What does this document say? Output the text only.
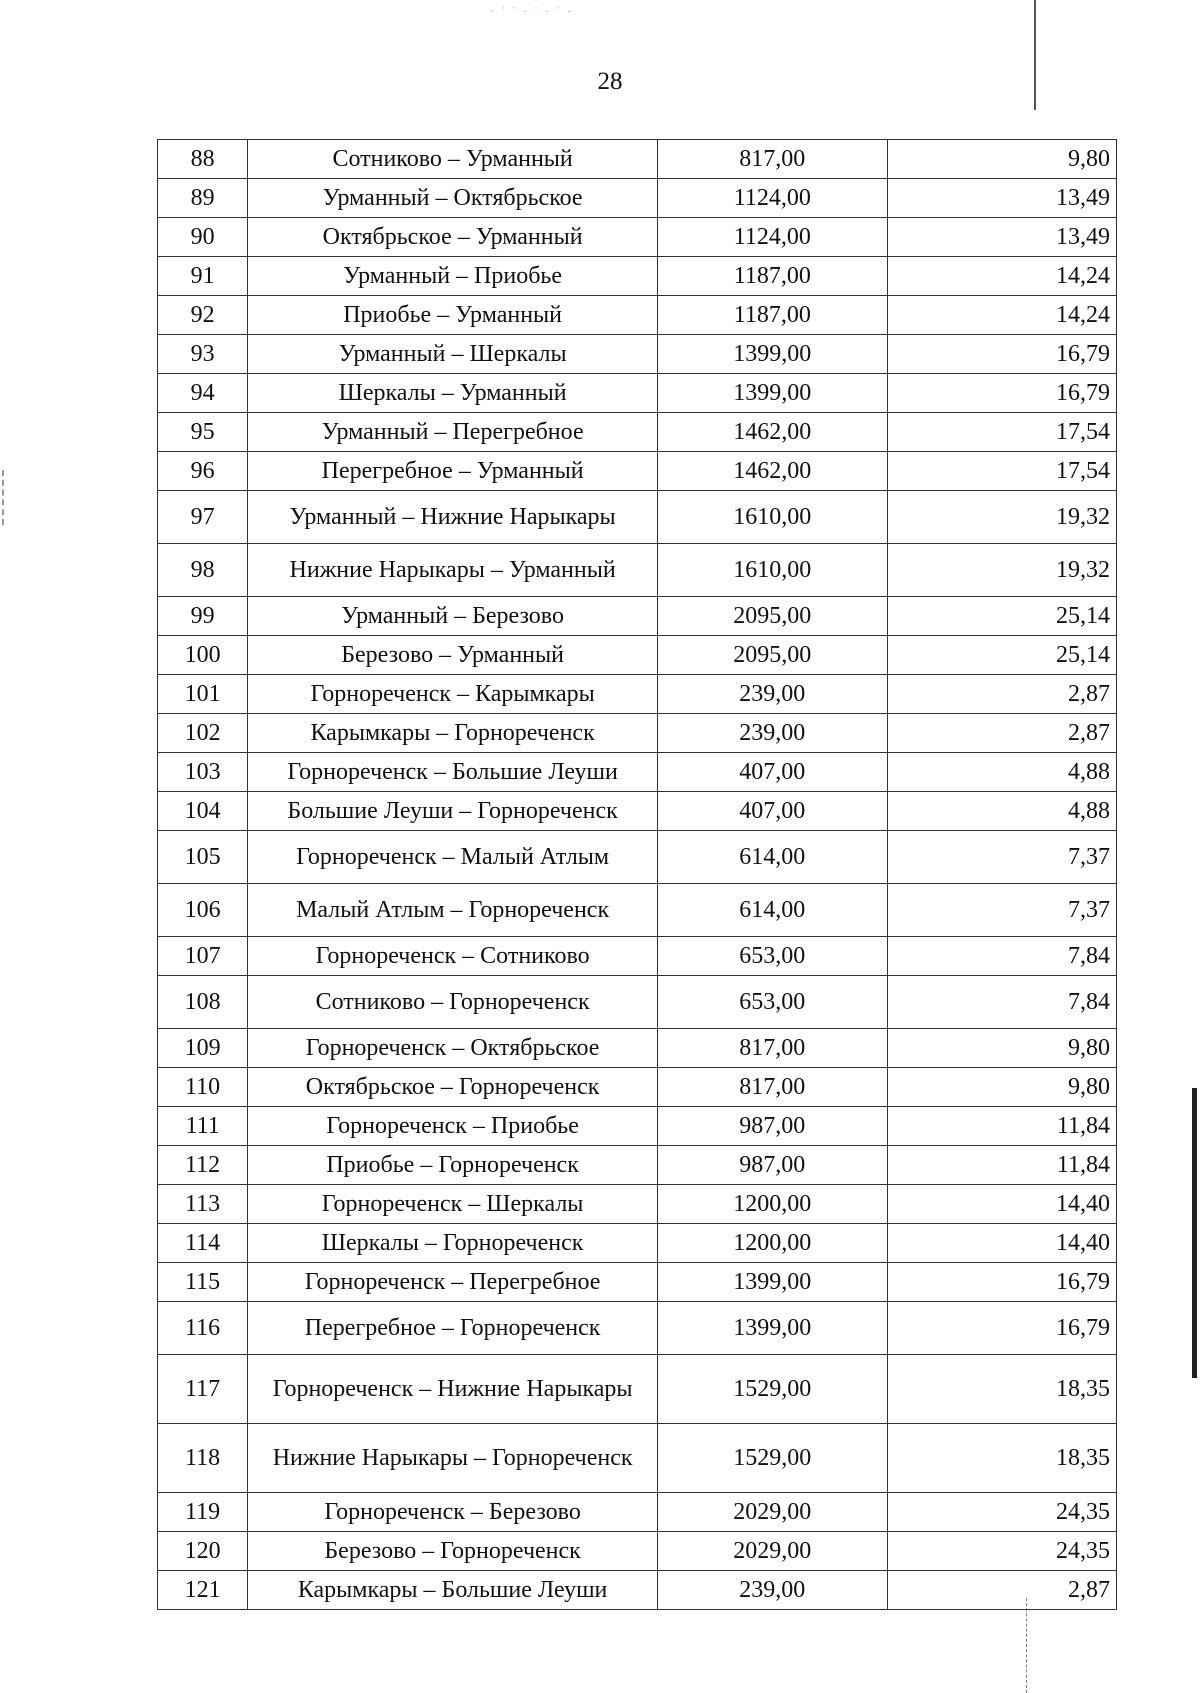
· ˙ ˙ · ˙ · ˙ ·
28
88	Сотниково – Урманный	817,00	9,80
89	Урманный – Октябрьское	1124,00	13,49
90	Октябрьское – Урманный	1124,00	13,49
91	Урманный – Приобье	1187,00	14,24
92	Приобье – Урманный	1187,00	14,24
93	Урманный – Шеркалы	1399,00	16,79
94	Шеркалы – Урманный	1399,00	16,79
95	Урманный – Перегребное	1462,00	17,54
96	Перегребное – Урманный	1462,00	17,54
97	Урманный – Нижние Нарыкары	1610,00	19,32
98	Нижние Нарыкары – Урманный	1610,00	19,32
99	Урманный – Березово	2095,00	25,14
100	Березово – Урманный	2095,00	25,14
101	Горнореченск – Карымкары	239,00	2,87
102	Карымкары – Горнореченск	239,00	2,87
103	Горнореченск – Большие Леуши	407,00	4,88
104	Большие Леуши – Горнореченск	407,00	4,88
105	Горнореченск – Малый Атлым	614,00	7,37
106	Малый Атлым – Горнореченск	614,00	7,37
107	Горнореченск – Сотниково	653,00	7,84
108	Сотниково – Горнореченск	653,00	7,84
109	Горнореченск – Октябрьское	817,00	9,80
110	Октябрьское – Горнореченск	817,00	9,80
111	Горнореченск – Приобье	987,00	11,84
112	Приобье – Горнореченск	987,00	11,84
113	Горнореченск – Шеркалы	1200,00	14,40
114	Шеркалы – Горнореченск	1200,00	14,40
115	Горнореченск – Перегребное	1399,00	16,79
116	Перегребное – Горнореченск	1399,00	16,79
117	Горнореченск – Нижние Нарыкары	1529,00	18,35
118	Нижние Нарыкары – Горнореченск	1529,00	18,35
119	Горнореченск – Березово	2029,00	24,35
120	Березово – Горнореченск	2029,00	24,35
121	Карымкары – Большие Леуши	239,00	2,87
